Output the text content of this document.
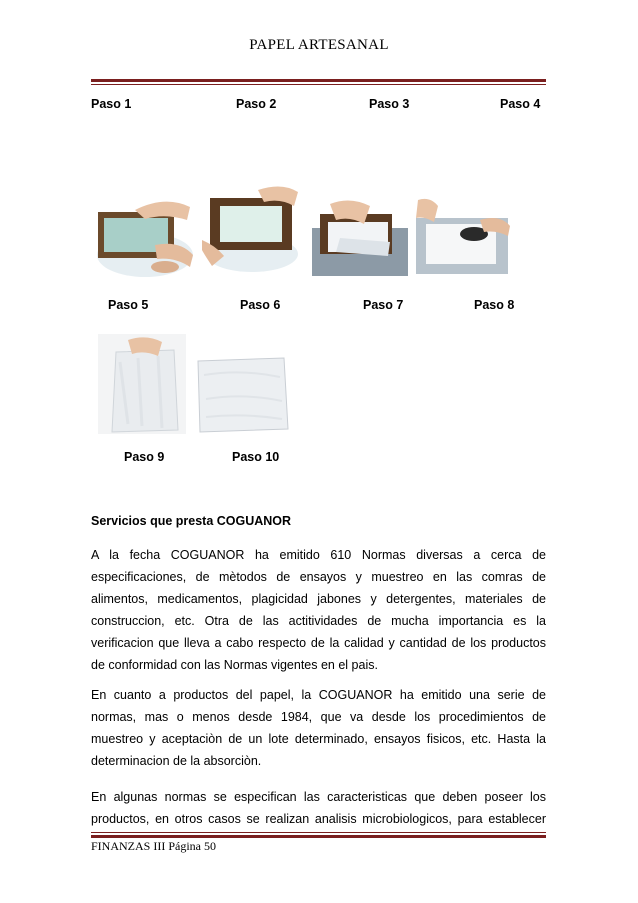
PAPEL ARTESANAL
Paso 1	Paso 2	Paso 3	Paso 4
Paso 5	Paso 6	Paso 7	Paso 8
Paso 9	Paso 10
Servicios que presta COGUANOR
A la fecha COGUANOR ha emitido 610 Normas diversas a cerca de
especificaciones, de mètodos de ensayos y muestreo en las comras de
alimentos, medicamentos, plagicidad jabones y detergentes, materiales de
construccion, etc. Otra de las actitividades de mucha importancia es la
verificacion que lleva a cabo respecto de la calidad y cantidad de los productos
de conformidad con las Normas vigentes en el pais.
En cuanto a productos del papel, la COGUANOR ha emitido una serie de
normas, mas o menos desde 1984, que va desde los procedimientos de
muestreo y aceptaciòn de un lote determinado, ensayos fisicos, etc. Hasta la
determinacion de la absorciòn.
En algunas normas se especifican las caracteristicas que deben poseer los
productos, en otros casos se realizan analisis microbiologicos, para establecer
FINANZAS III Página 50
